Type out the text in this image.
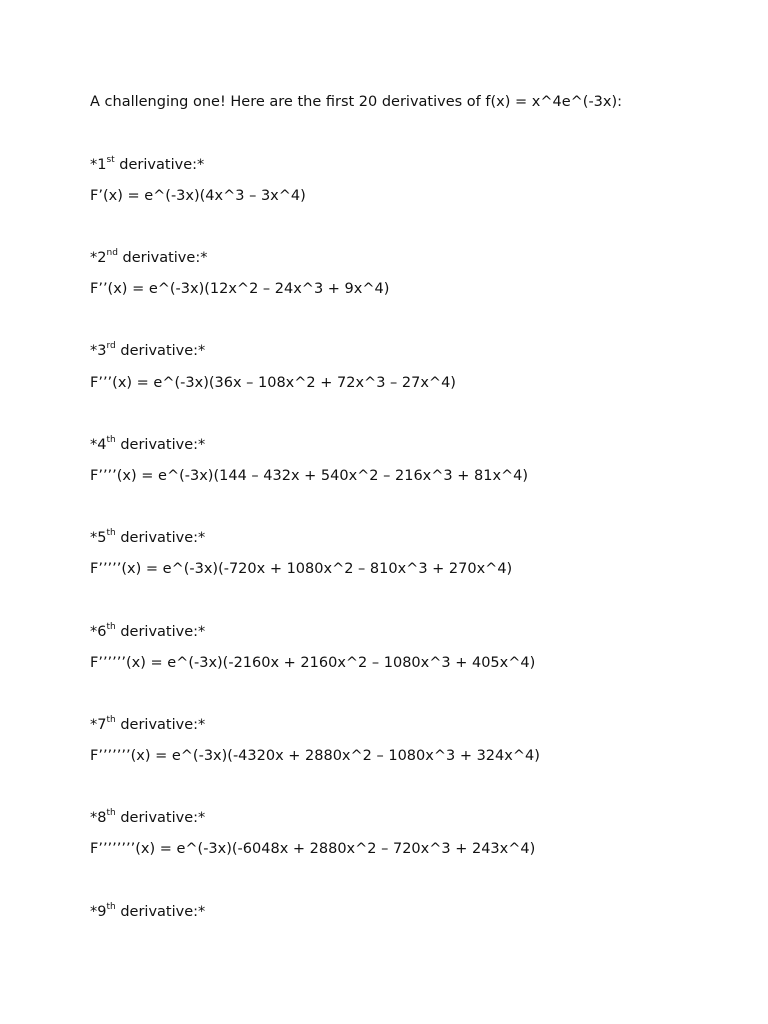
A challenging one! Here are the first 20 derivatives of f(x) = x^4e^(-3x):
*1st derivative:*
F’(x) = e^(-3x)(4x^3 – 3x^4)
*2nd derivative:*
F’’(x) = e^(-3x)(12x^2 – 24x^3 + 9x^4)
*3rd derivative:*
F’’’(x) = e^(-3x)(36x – 108x^2 + 72x^3 – 27x^4)
*4th derivative:*
F’’’’(x) = e^(-3x)(144 – 432x + 540x^2 – 216x^3 + 81x^4)
*5th derivative:*
F’’’’’(x) = e^(-3x)(-720x + 1080x^2 – 810x^3 + 270x^4)
*6th derivative:*
F’’’’’’(x) = e^(-3x)(-2160x + 2160x^2 – 1080x^3 + 405x^4)
*7th derivative:*
F’’’’’’’(x) = e^(-3x)(-4320x + 2880x^2 – 1080x^3 + 324x^4)
*8th derivative:*
F’’’’’’’’(x) = e^(-3x)(-6048x + 2880x^2 – 720x^3 + 243x^4)
*9th derivative:*
